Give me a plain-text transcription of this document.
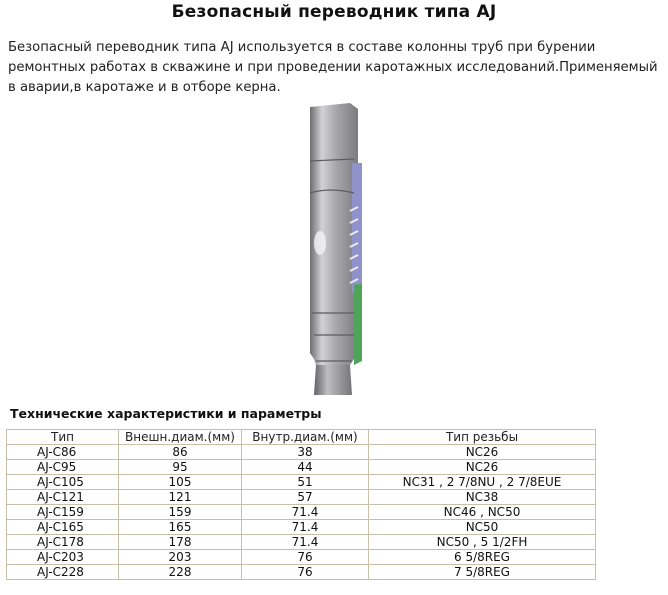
Безопасный переводник типа AJ
Безопасный переводник типа AJ используется в составе колонны труб при бурении ремонтных работах в скважине и при проведении каротажных исследований.Применяемый в аварии,в каротаже и в отборе керна.
Технические характеристики и параметры
Тип	Внешн.диам.(мм)	Внутр.диам.(мм)	Тип резьбы
AJ-C86	86	38	NC26
AJ-C95	95	44	NC26
AJ-C105	105	51	NC31 , 2 7/8NU , 2 7/8EUE
AJ-C121	121	57	NC38
AJ-C159	159	71.4	NC46 , NC50
AJ-C165	165	71.4	NC50
AJ-C178	178	71.4	NC50 , 5 1/2FH
AJ-C203	203	76	6 5/8REG
AJ-C228	228	76	7 5/8REG
